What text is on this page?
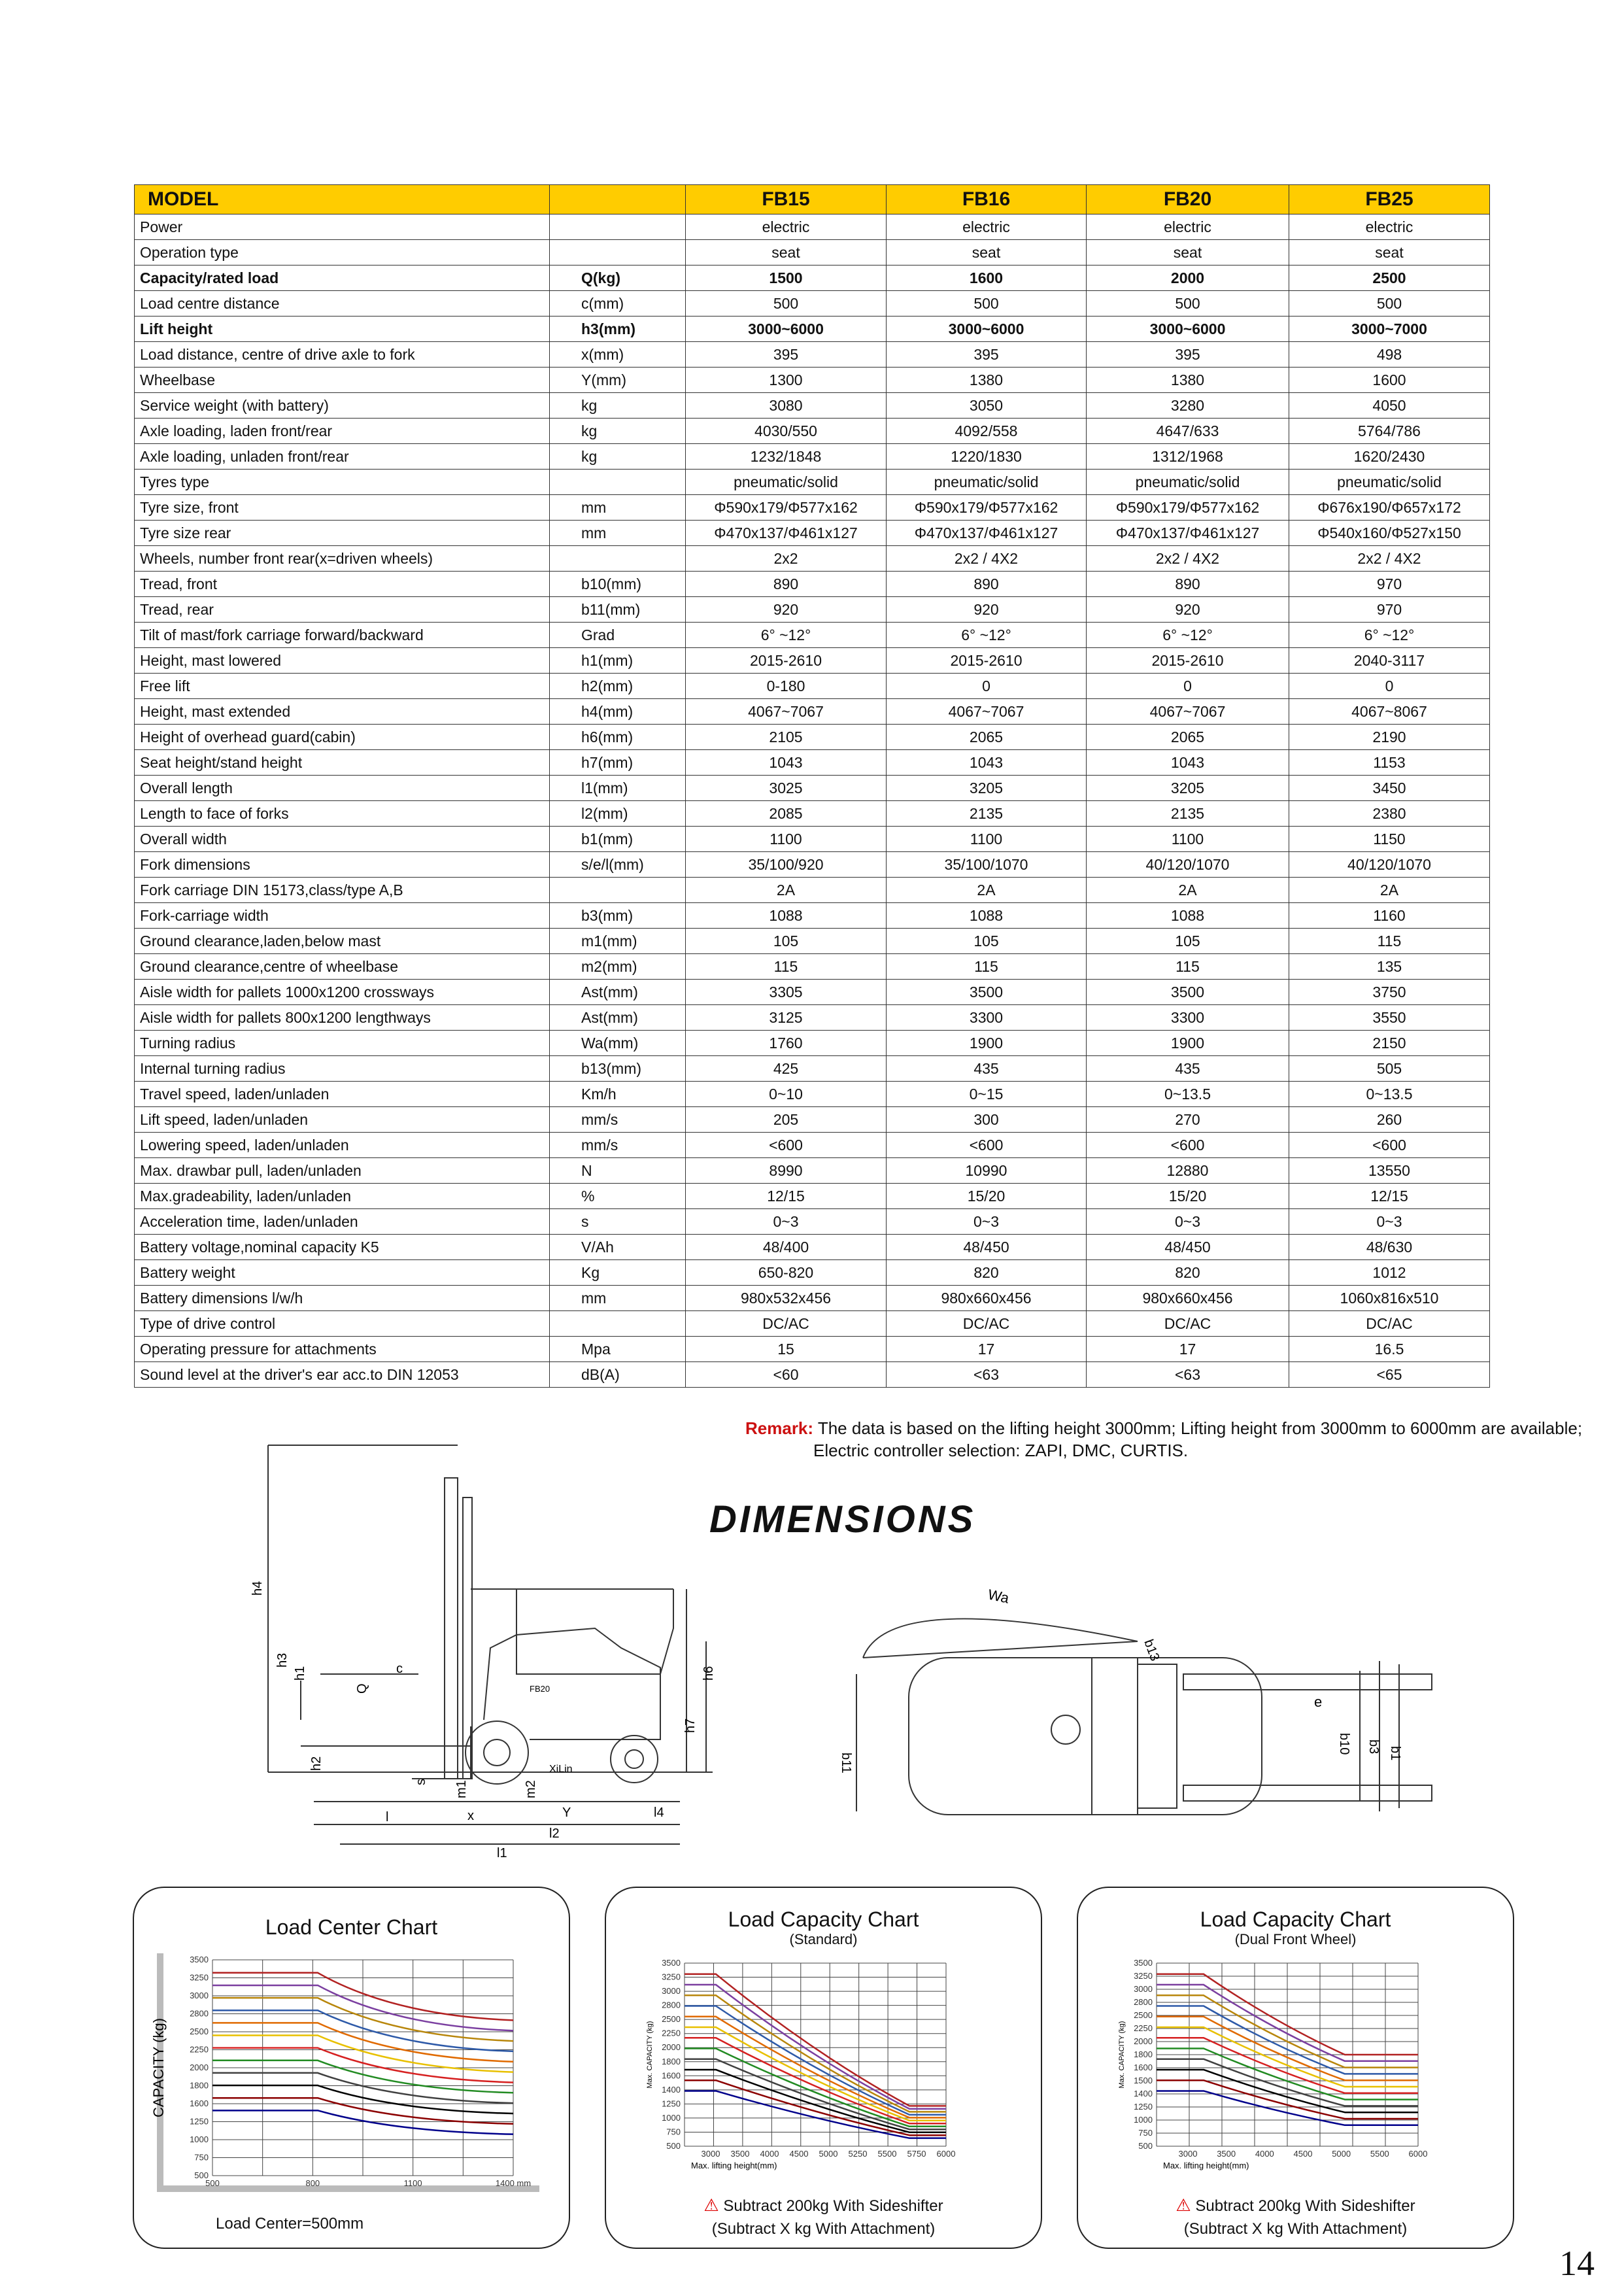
MODEL		FB15	FB16	FB20	FB25
Power		electric	electric	electric	electric
Operation type		seat	seat	seat	seat
Capacity/rated load	Q(kg)	1500	1600	2000	2500
Load centre distance	c(mm)	500	500	500	500
Lift height	h3(mm)	3000~6000	3000~6000	3000~6000	3000~7000
Load distance, centre of drive axle to fork	x(mm)	395	395	395	498
Wheelbase	Y(mm)	1300	1380	1380	1600
Service weight (with battery)	kg	3080	3050	3280	4050
Axle loading, laden front/rear	kg	4030/550	4092/558	4647/633	5764/786
Axle loading, unladen front/rear	kg	1232/1848	1220/1830	1312/1968	1620/2430
Tyres type		pneumatic/solid	pneumatic/solid	pneumatic/solid	pneumatic/solid
Tyre size, front	mm	Φ590x179/Φ577x162	Φ590x179/Φ577x162	Φ590x179/Φ577x162	Φ676x190/Φ657x172
Tyre size rear	mm	Φ470x137/Φ461x127	Φ470x137/Φ461x127	Φ470x137/Φ461x127	Φ540x160/Φ527x150
Wheels, number front rear(x=driven wheels)		2x2	2x2 / 4X2	2x2 / 4X2	2x2 / 4X2
Tread, front	b10(mm)	890	890	890	970
Tread, rear	b11(mm)	920	920	920	970
Tilt of mast/fork carriage forward/backward	Grad	6° ~12°	6° ~12°	6° ~12°	6° ~12°
Height, mast lowered	h1(mm)	2015-2610	2015-2610	2015-2610	2040-3117
Free lift	h2(mm)	0-180	0	0	0
Height, mast extended	h4(mm)	4067~7067	4067~7067	4067~7067	4067~8067
Height of overhead guard(cabin)	h6(mm)	2105	2065	2065	2190
Seat height/stand height	h7(mm)	1043	1043	1043	1153
Overall length	l1(mm)	3025	3205	3205	3450
Length to face of forks	l2(mm)	2085	2135	2135	2380
Overall width	b1(mm)	1100	1100	1100	1150
Fork dimensions	s/e/l(mm)	35/100/920	35/100/1070	40/120/1070	40/120/1070
Fork carriage DIN 15173,class/type A,B		2A	2A	2A	2A
Fork-carriage width	b3(mm)	1088	1088	1088	1160
Ground clearance,laden,below mast	m1(mm)	105	105	105	115
Ground clearance,centre of wheelbase	m2(mm)	115	115	115	135
Aisle width for pallets 1000x1200 crossways	Ast(mm)	3305	3500	3500	3750
Aisle width for pallets 800x1200 lengthways	Ast(mm)	3125	3300	3300	3550
Turning radius	Wa(mm)	1760	1900	1900	2150
Internal turning radius	b13(mm)	425	435	435	505
Travel speed, laden/unladen	Km/h	0~10	0~15	0~13.5	0~13.5
Lift speed, laden/unladen	mm/s	205	300	270	260
Lowering speed, laden/unladen	mm/s	<600	<600	<600	<600
Max. drawbar pull, laden/unladen	N	8990	10990	12880	13550
Max.gradeability, laden/unladen	%	12/15	15/20	15/20	12/15
Acceleration time, laden/unladen	s	0~3	0~3	0~3	0~3
Battery voltage,nominal capacity K5	V/Ah	48/400	48/450	48/450	48/630
Battery weight	Kg	650-820	820	820	1012
Battery dimensions l/w/h	mm	980x532x456	980x660x456	980x660x456	1060x816x510
Type of drive control		DC/AC	DC/AC	DC/AC	DC/AC
Operating pressure for attachments	Mpa	15	17	17	16.5
Sound level at the driver's ear acc.to DIN 12053	dB(A)	<60	<63	<63	<65
Remark: The data is based on the lifting height 3000mm; Lifting height from 3000mm to 6000mm are available;
Electric controller selection: ZAPI, DMC, CURTIS.
DIMENSIONS
FB20
XiLin
h4
h3
h1	h6
h7
h2
c
Q
s m1	m2
x	Y
l
l2
l4
l1
Wa
b13
b11
e
b10 b3 b1
Load Center Chart
3500
3250
3000
2800
2500
2250
2000
1800
1600
1250
1000
750
500
500	800	1100	1400 mm
CAPACITY (kg)
Load Center=500mm
Load Capacity Chart
(Standard)
3500
3250
3000
2800
2500
2250
2000
1800
1600
1400
1250
1000
750
500
3000 3500 4000 4500 5000 5250 5500 5750 6000
Max. CAPACITY (kg)
Max. lifting height(mm)
⚠ Subtract 200kg With Sideshifter
(Subtract X kg With Attachment)
Load Capacity Chart
(Dual Front Wheel)
3500
3250
3000
2800
2500
2250
2000
1800
1600
1500
1400
1250
1000
750
500
3000 3500 4000 4500 5000 5500 6000
Max. CAPACITY (kg)
Max. lifting height(mm)
⚠ Subtract 200kg With Sideshifter
(Subtract X kg With Attachment)
14
